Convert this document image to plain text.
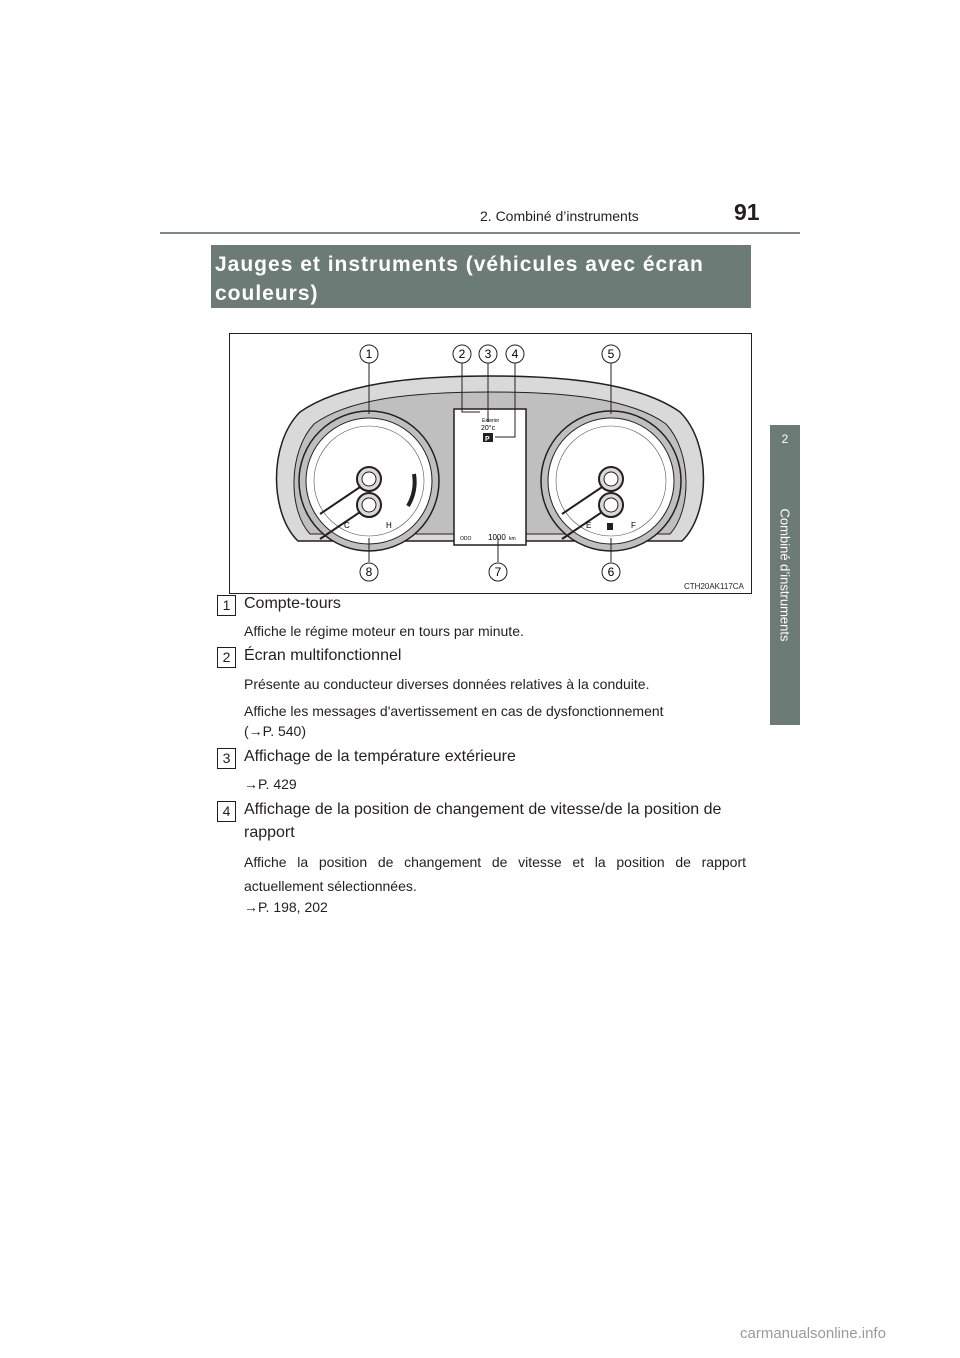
2. Combiné d’instruments	91
2
Combiné d’instruments
Jauges et instruments (véhicules avec écran couleurs)
C	H
Exterior
20°c
P
ODO 1000 km
E	F
1	2 3 4	5
6
7
8
CTH20AK117CA
1 Compte-tours
Affiche le régime moteur en tours par minute.
2 Écran multifonctionnel
Présente au conducteur diverses données relatives à la conduite.
Affiche les messages d'avertissement en cas de dysfonctionnement
(→P. 540)
3 Affichage de la température extérieure
→P. 429
4 Affichage de la position de changement de vitesse/de la position de
rapport
Affiche la position de changement de vitesse et la position de rapport actuellement sélectionnées.
→P. 198, 202
carmanualsonline.info
